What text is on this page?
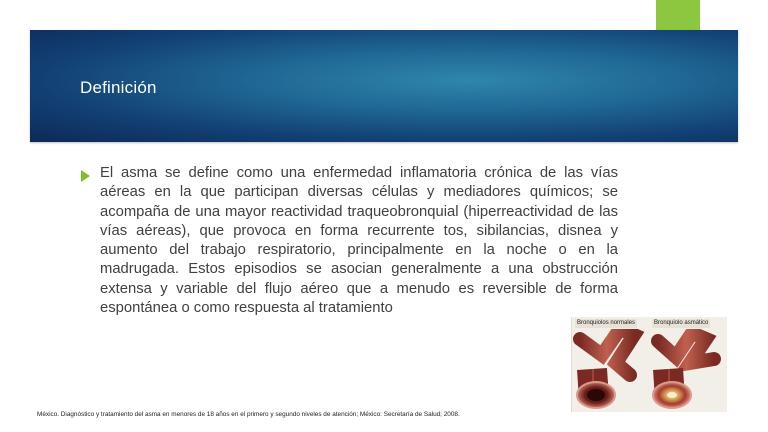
Definición
El asma se define como una enfermedad inflamatoria crónica de las vías aéreas en la que participan diversas células y mediadores químicos; se acompaña de una mayor reactividad traqueobronquial (hiperreactividad de las vías aéreas), que provoca en forma recurrente tos, sibilancias, disnea y aumento del trabajo respiratorio, principalmente en la noche o en la madrugada. Estos episodios se asocian generalmente a una obstrucción extensa y variable del flujo aéreo que a menudo es reversible de forma espontánea o como respuesta al tratamiento
Bronquiolos normales	Bronquiolo asmático
México. Diagnóstico y tratamiento del asma en menores de 18 años en el primero y segundo niveles de atención; México: Secretaría de Salud; 2008.
